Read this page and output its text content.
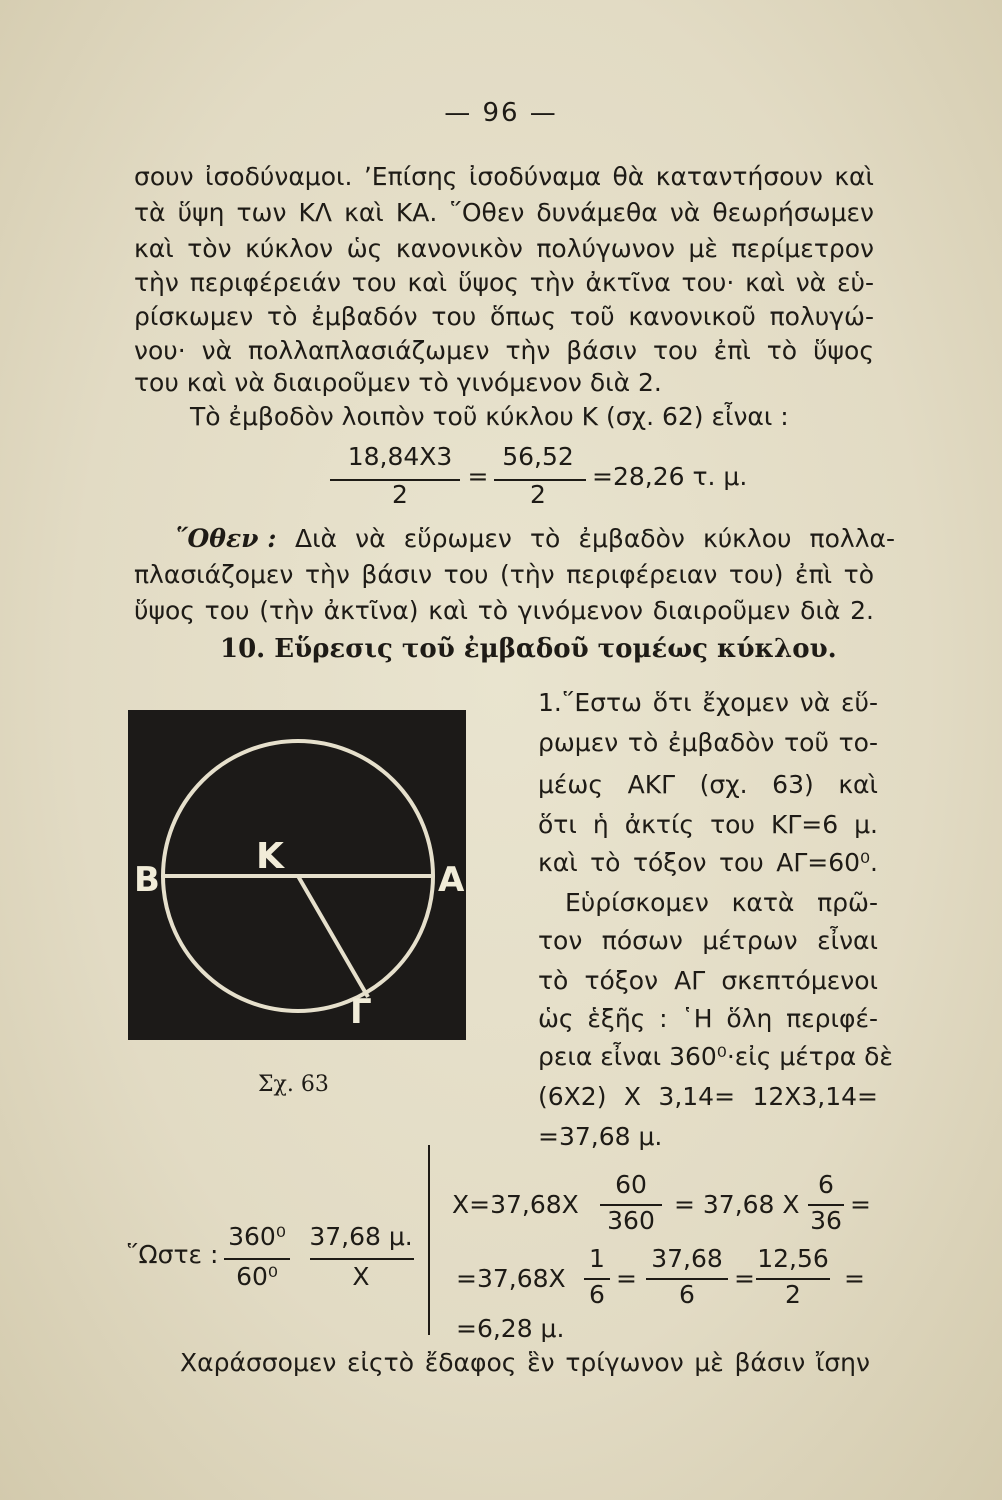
— 96 —
σουν ἰσοδύναμοι. ʼΕπίσης ἰσοδύναμα θὰ καταντήσουν καὶ
τὰ ὕψη των ΚΛ καὶ ΚΑ. ῞Οθεν δυνάμεθα νὰ θεωρήσωμεν
καὶ τὸν κύκλον ὡς κανονικὸν πολύγωνον μὲ περίμετρον
τὴν περιφέρειάν του καὶ ὕψος τὴν ἀκτῖνα του· καὶ νὰ εὑ-
ρίσκωμεν τὸ ἐμβαδόν του ὅπως τοῦ κανονικοῦ πολυγώ-
νου· νὰ πολλαπλασιάζωμεν τὴν βάσιν του ἐπὶ τὸ ὕψος
του καὶ νὰ διαιροῦμεν τὸ γινόμενον διὰ 2.
Τὸ ἐμβοδὸν λοιπὸν τοῦ κύκλου Κ (σχ. 62) εἶναι :
18,84X3
2
=
56,52
2
=28,26 τ. μ.
῞Οθεν : Διὰ νὰ εὕρωμεν τὸ ἐμβαδὸν κύκλου πολλα-
πλασιάζομεν τὴν βάσιν του (τὴν περιφέρειαν του) ἐπὶ τὸ
ὕψος του (τὴν ἀκτῖνα) καὶ τὸ γινόμενον διαιροῦμεν διὰ 2.
10. Εὕρεσις τοῦ ἐμβαδοῦ τομέως κύκλου.
Κ
Β	Α
Γ
Σχ. 63
1.῞Εστω ὅτι ἔχομεν νὰ εὕ-
ρωμεν τὸ ἐμβαδὸν τοῦ το-
μέως ΑΚΓ (σχ. 63) καὶ
ὅτι ἡ ἀκτίς του ΚΓ=6 μ.
καὶ τὸ τόξον του ΑΓ=60⁰.
Εὑρίσκομεν κατὰ πρῶ-
τον πόσων μέτρων εἶναι
τὸ τόξον ΑΓ σκεπτόμενοι
ὡς ἑξῆς : ῾Η ὅλη περιφέ-
ρεια εἶναι 360⁰·εἰς μέτρα δὲ
(6X2) X 3,14= 12X3,14=
=37,68 μ.
῞Ωστε :
360⁰
60⁰
37,68 μ.
X
X=37,68X
60
360
= 37,68 X
6
36
=
=37,68X
1
6
=
37,68
6
=
12,56
2
=
=6,28 μ.
Χαράσσομεν εἰςτὸ ἔδαφος ἓν τρίγωνον μὲ βάσιν ἴσην
